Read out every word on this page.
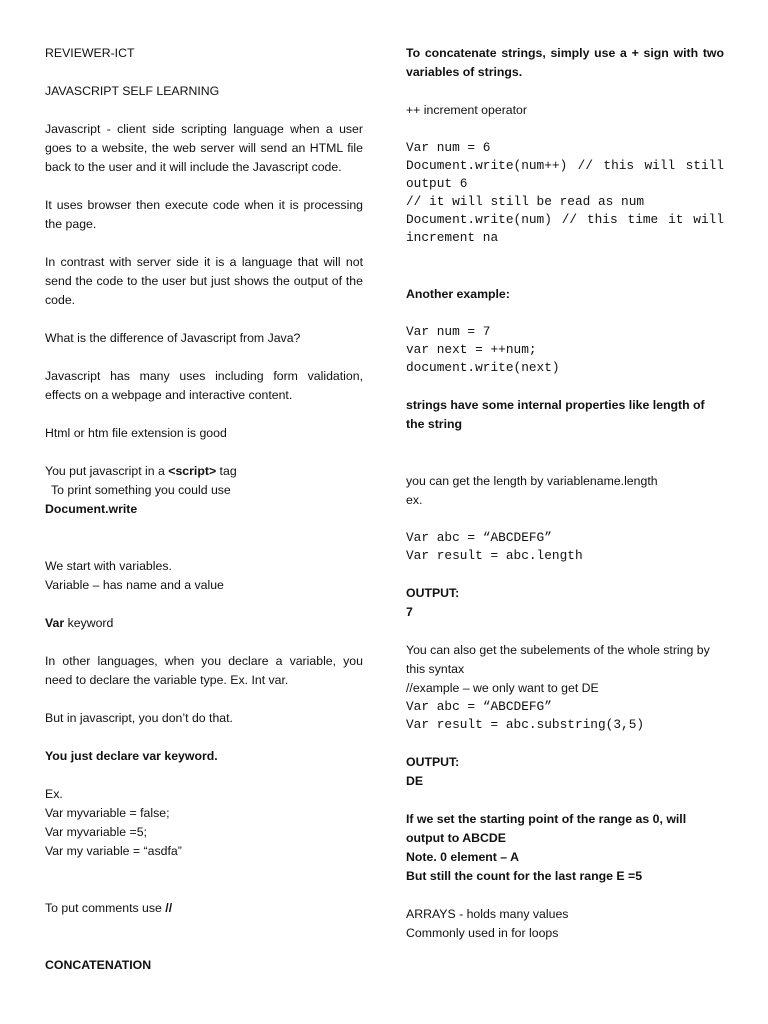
REVIEWER-ICT

JAVASCRIPT SELF LEARNING

Javascript - client side scripting language when a user goes to a website, the web server will send an HTML file back to the user and it will include the Javascript code.

It uses browser then execute code when it is processing the page.

In contrast with server side it is a language that will not send the code to the user but just shows the output of the code.

What is the difference of Javascript from Java?

Javascript has many uses including form validation, effects on a webpage and interactive content.

Html or htm file extension is good

You put javascript in a <script> tag

To print something you could use

Document.write

We start with variables.

Variable – has name and a value

Var keyword

In other languages, when you declare a variable, you need to declare the variable type. Ex. Int var.

But in javascript, you don’t do that.

You just declare var keyword.

Ex.

Var myvariable = false;

Var myvariable =5;

Var my variable = “asdfa”

To put comments use //

CONCATENATION

To concatenate strings, simply use a + sign with two variables of strings.

++ increment operator

Var num = 6

Document.write(num++) // this will still output 6

// it will still be read as num

Document.write(num) // this time it will increment na

Another example:

Var num = 7

var next = ++num;

document.write(next)

strings have some internal properties like length of the string

you can get the length by variablename.length

ex.

Var abc = “ABCDEFG”

Var result = abc.length

OUTPUT:

7

You can also get the subelements of the whole string by this syntax

//example – we only want to get DE

Var abc = “ABCDEFG”

Var result = abc.substring(3,5)

OUTPUT:

DE

If we set the starting point of the range as 0, will output to ABCDE

Note. 0 element – A

But still the count for the last range E =5

ARRAYS - holds many values

Commonly used in for loops
